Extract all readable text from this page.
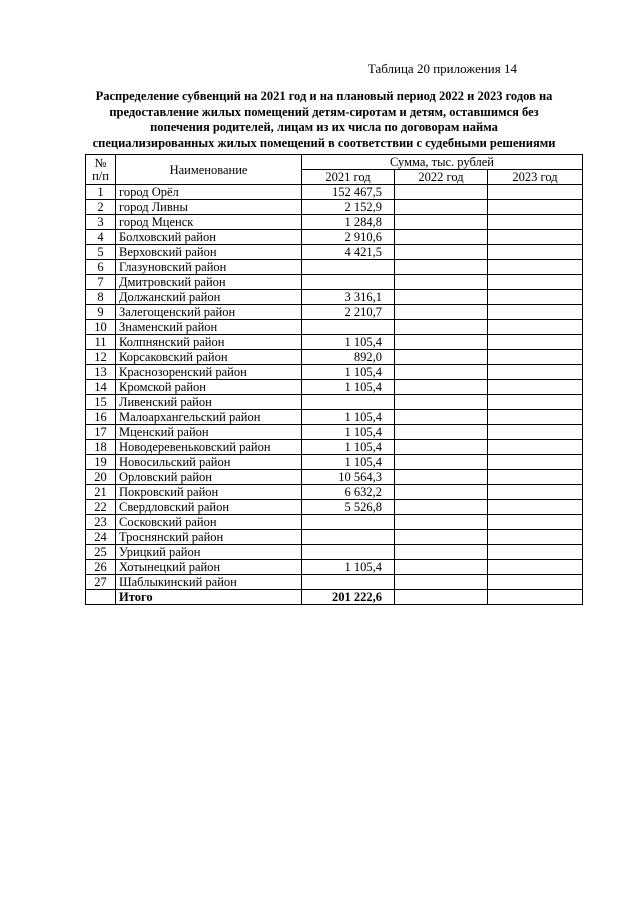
Таблица 20 приложения 14
Распределение субвенций на 2021 год и на плановый период 2022 и 2023 годов на предоставление жилых помещений детям-сиротам и детям, оставшимся без попечения родителей, лицам из их числа по договорам найма специализированных жилых помещений в соответствии с судебными решениями
№
п/п	Наименование	Сумма, тыс. рублей		
		2021 год	2022 год	2023 год
1	город Орёл	152 467,5		
2	город Ливны	2 152,9		
3	город Мценск	1 284,8		
4	Болховский район	2 910,6		
5	Верховский район	4 421,5		
6	Глазуновский район			
7	Дмитровский район			
8	Должанский район	3 316,1		
9	Залегощенский район	2 210,7		
10	Знаменский район			
11	Колпнянский район	1 105,4		
12	Корсаковский район	892,0		
13	Краснозоренский район	1 105,4		
14	Кромской район	1 105,4		
15	Ливенский район			
16	Малоархангельский район	1 105,4		
17	Мценский район	1 105,4		
18	Новодеревеньковский район	1 105,4		
19	Новосильский район	1 105,4		
20	Орловский район	10 564,3		
21	Покровский район	6 632,2		
22	Свердловский район	5 526,8		
23	Сосковский район			
24	Троснянский район			
25	Урицкий район			
26	Хотынецкий район	1 105,4		
27	Шаблыкинский район			
	Итого	201 222,6		
